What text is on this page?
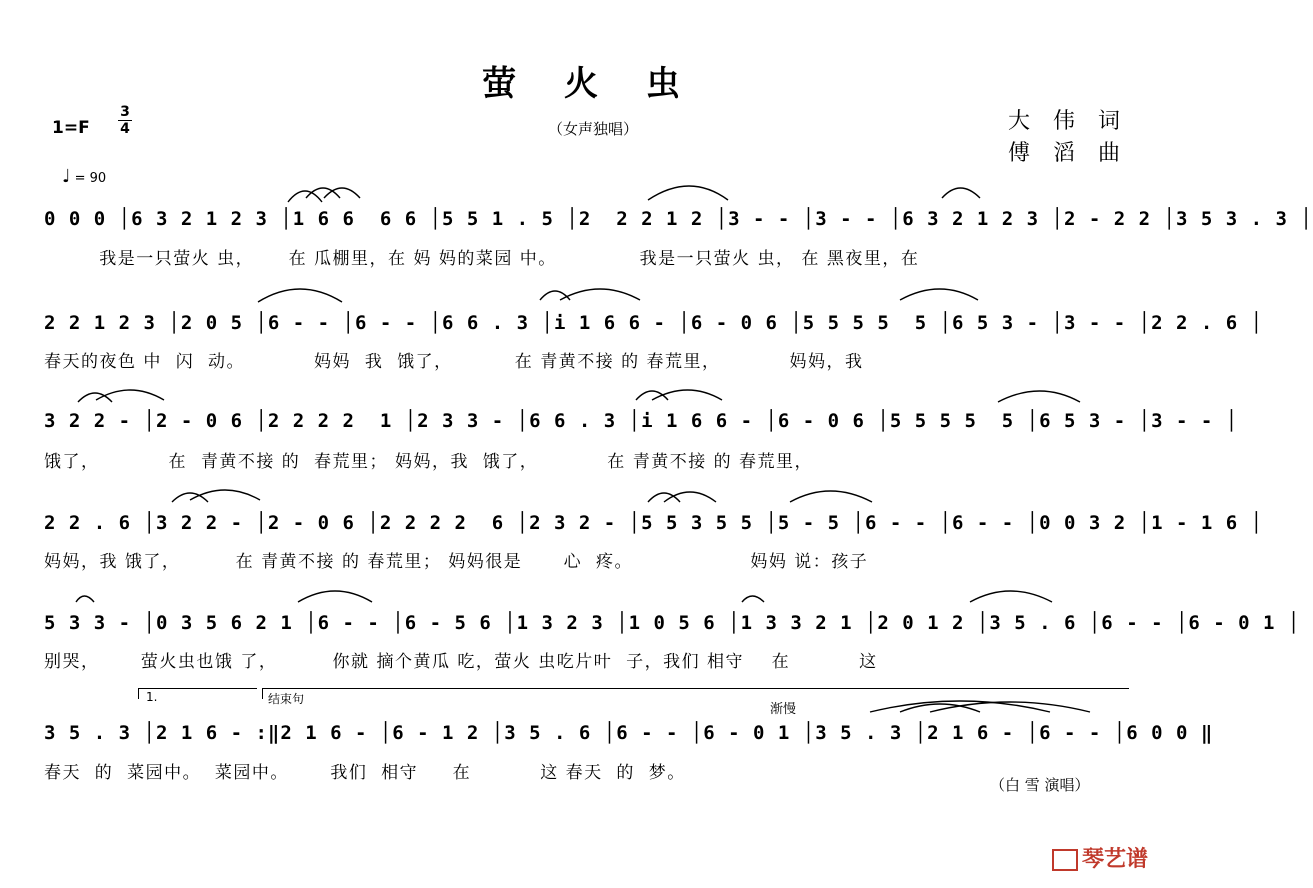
萤 火 虫
1=F
3
4	（女声独唱）	大 伟 词
傅 滔 曲
♩ = 90
0 0 0 │6 3 2 1 2 3 │1 6 6  6 6 │5 5 1 . 5 │2  2 2 1 2 │3 - - │3 - - │6 3 2 1 2 3 │2 - 2 2 │3 5 3 . 3 │
我是一只萤火 虫，     在 瓜棚里，在 妈 妈的菜园 中。            我是一只萤火 虫， 在 黑夜里，在
2 2 1 2 3 │2 0 5 │6 - - │6 - - │6 6 . 3 │i 1 6 6 - │6 - 0 6 │5 5 5 5  5 │6 5 3 - │3 - - │2 2 . 6 │
春天的夜色 中  闪  动。          妈妈  我  饿了，         在 青黄不接 的 春荒里，          妈妈，我
3 2 2 - │2 - 0 6 │2 2 2 2  1 │2 3 3 - │6 6 . 3 │i 1 6 6 - │6 - 0 6 │5 5 5 5  5 │6 5 3 - │3 - - │
饿了，          在  青黄不接 的  春荒里； 妈妈，我  饿了，          在 青黄不接 的 春荒里，
2 2 . 6 │3 2 2 - │2 - 0 6 │2 2 2 2  6 │2 3 2 - │5 5 3 5 5 │5 - 5 │6 - - │6 - - │0 0 3 2 │1 - 1 6 │
妈妈，我 饿了，        在 青黄不接 的 春荒里； 妈妈很是      心  疼。                 妈妈 说：孩子
5 3 3 - │0 3 5 6 2 1 │6 - - │6 - 5 6 │1 3 2 3 │1 0 5 6 │1 3 3 2 1 │2 0 1 2 │3 5 . 6 │6 - - │6 - 0 1 │
别哭，      萤火虫也饿 了，        你就 摘个黄瓜 吃，萤火 虫吃片叶  子，我们 相守    在          这
1.	结束句
渐慢
3 5 . 3 │2 1 6 - :‖2 1 6 - │6 - 1 2 │3 5 . 6 │6 - - │6 - 0 1 │3 5 . 3 │2 1 6 - │6 - - │6 0 0 ‖
春天  的  菜园中。  菜园中。      我们  相守     在          这 春天  的  梦。
（白 雪 演唱）
琴艺谱
